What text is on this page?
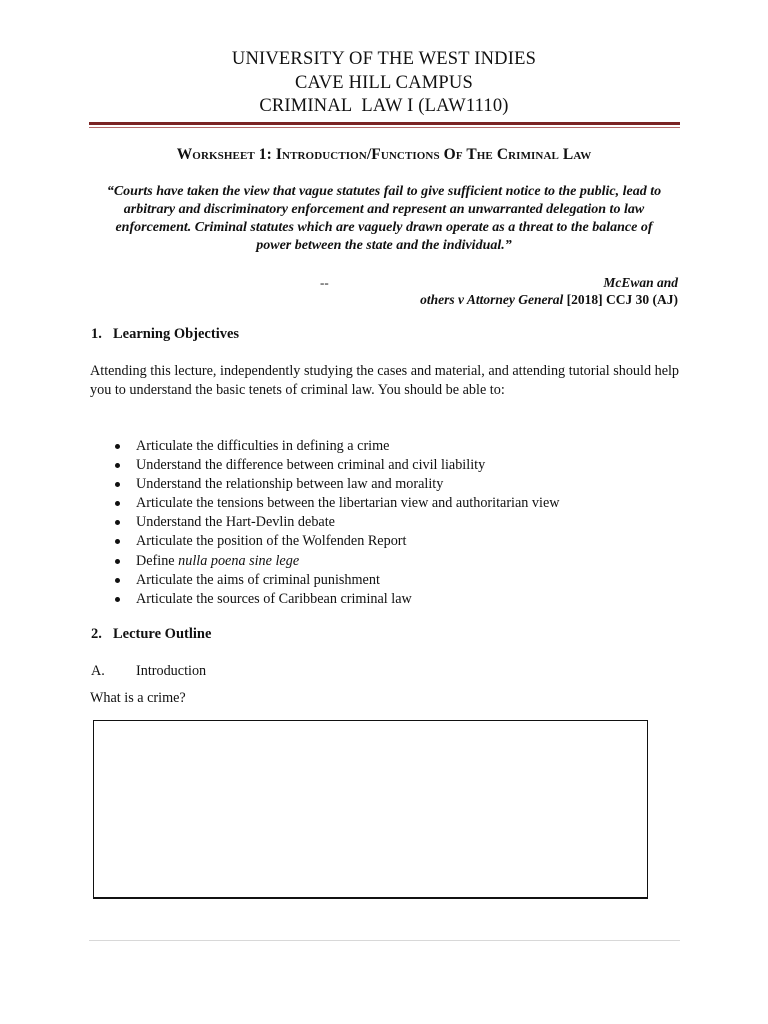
UNIVERSITY OF THE WEST INDIES
CAVE HILL CAMPUS
CRIMINAL  LAW I (LAW1110)
Worksheet 1: Introduction/Functions Of The Criminal Law
“Courts have taken the view that vague statutes fail to give sufficient notice to the public, lead to arbitrary and discriminatory enforcement and represent an unwarranted delegation to law enforcement. Criminal statutes which are vaguely drawn operate as a threat to the balance of power between the state and the individual.”
--	McEwan and
others v Attorney General [2018] CCJ 30 (AJ)
1. Learning Objectives
Attending this lecture, independently studying the cases and material, and attending tutorial should help you to understand the basic tenets of criminal law. You should be able to:
Articulate the difficulties in defining a crime
Understand the difference between criminal and civil liability
Understand the relationship between law and morality
Articulate the tensions between the libertarian view and authoritarian view
Understand the Hart-Devlin debate
Articulate the position of the Wolfenden Report
Define nulla poena sine lege
Articulate the aims of criminal punishment
Articulate the sources of Caribbean criminal law
2. Lecture Outline
A. Introduction
What is a crime?
